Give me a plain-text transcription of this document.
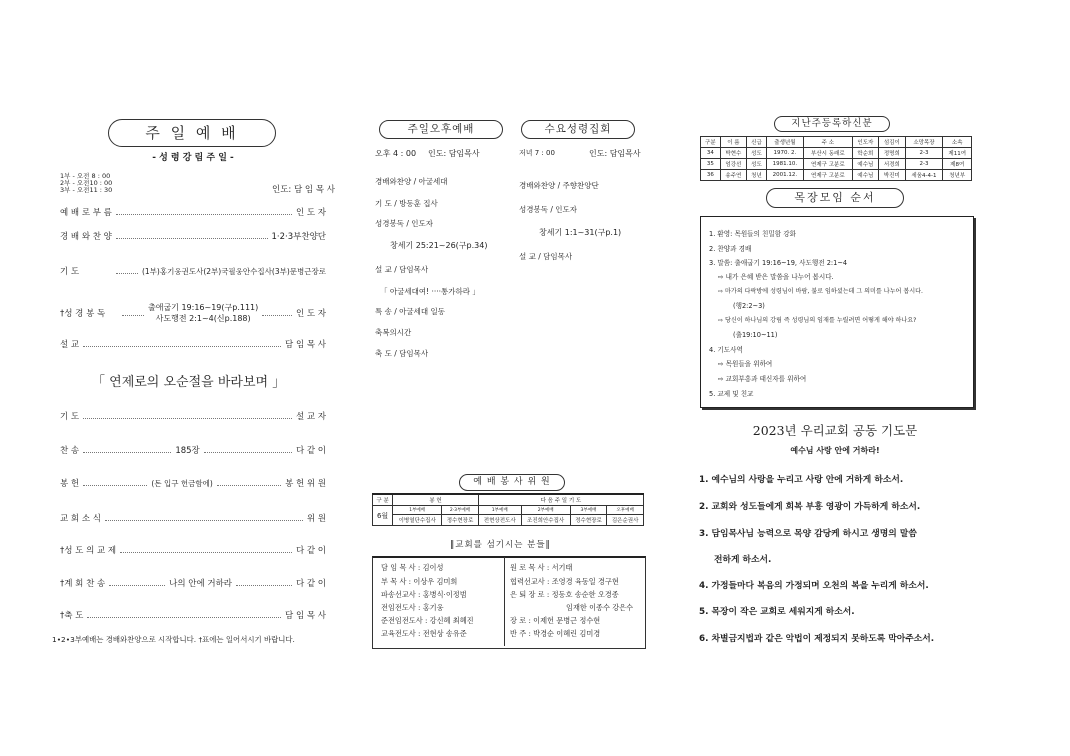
주 일 예 배
- 성 령 강 림 주 일 -
1부 - 오전 8 : 00
2부 - 오전10 : 00
3부 - 오전11 : 30	인도: 담 임 목 사
예 배 로 부 름	인 도 자
경 배 와 찬 양	1·2·3부찬양단
기 도	(1부)홍기웅권도사(2부)국필웅안수집사(3부)문병근장로
†성 경 봉 독
출애굽기 19:16~19(구p.111)
사도행전 2:1~4(신p.188)	인 도 자
설 교	담 임 목 사
「 연제로의 오순절을 바라보며 」
기 도	설 교 자
찬 송	185장	다 같 이
봉 헌	(돈 입구 헌금함에)	봉 헌 위 원
교 회 소 식	위 원
†성 도 의 교 제	다 같 이
†계 회 찬 송	나의 안에 거하라	다 같 이
†축 도	담 임 목 사
1•2•3부예배는 경배와찬양으로 시작합니다. †표에는 일어서시기 바랍니다.
주일오후예배	수요성령집회
오후 4 : 00 인도: 담임목사	저녁 7 : 00	인도: 담임목사
경배와찬양 / 아굴세대
기 도 / 방동훈 집사
성경봉독 / 인도자
창세기 25:21~26(구p.34)
설 교 / 담임목사
「 아굴세대여! ····통가하라 」
특 송 / 아굴세대 일동
축복의시간
축 도 / 담임목사
경배와찬양 / 주향찬양단
성경봉독 / 인도자
창세기 1:1~31(구p.1)
설 교 / 담임목사
예 배 봉 사 위 원
구 분	봉 헌		다 음 주 일 기 도			
6월	1부예배	2·3부예배	1부예배	2부예배	3부예배	오후예배
	이병열단수집사	정수현장로	전현상전도사	조진희안수집사	정수현장로	김은순권사
‖교회를 섬기시는 분들‖
담 임 목 사 : 김이성
부 목 사 : 이상우 김미희
파송선교사 : 홍병식·이정범
전임전도사 : 홍기웅
준전임전도사 : 강신혜 최혜진
교육전도사 : 전현상 송유준
원 로 목 사 : 서기태
협력선교사 : 조영경 육동일 경구현
은 퇴 장 로 : 정동호 송순한 오경종
임재한 이종수 강은수
장 로 : 이제헌 문병근 정수현
반 주 : 박경순 이혜린 김미경
지난주등록하신분
구분	이 름	신급	출생년월	주 소	인도자	섬김이	소망목장	소속
34	박현수	성도	1970. 2.	부산시 동래로	학순희	정명희	2-3	제11여
35	엄강선	성도	1981.10.	연제구 고분로	예수님	서경희	2-3	제8여
36	송주연	청년	2001.12.	연제구 고분로	예수님	박진미	세움4-4-1	청년부
목장모임 순서
1. 환영: 목원들의 친밀함 강화
2. 찬양과 경배
3. 말씀: 출애굽기 19:16~19, 사도행전 2:1~4
⇨ 내가 은혜 받은 말씀을 나누어 봅시다.
⇨ 마가의 다락방에 성령님이 바람, 불로 임하셨는데 그 의미를 나누어 봅시다.
(행2:2~3)
⇨ 당신이 하나님의 강림 즉 성령님의 임재를 누릴려면 어떻게 해야 하나요?
(출19:10~11)
4. 기도사역
⇨ 목원들을 위하여
⇨ 교회부흥과 태신자를 위하여
5. 교제 및 친교
2023년 우리교회 공동 기도문
예수님 사랑 안에 거하라!
1. 예수님의 사랑을 누리고 사랑 안에 거하게 하소서.
2. 교회와 성도들에게 회복 부흥 영광이 가득하게 하소서.
3. 담임목사님 능력으로 목양 감당케 하시고 생명의 말씀
전하게 하소서.
4. 가정들마다 복음의 가정되며 오천의 복을 누리게 하소서.
5. 목장이 작은 교회로 세워지게 하소서.
6. 차별금지법과 같은 악법이 제정되지 못하도록 막아주소서.
